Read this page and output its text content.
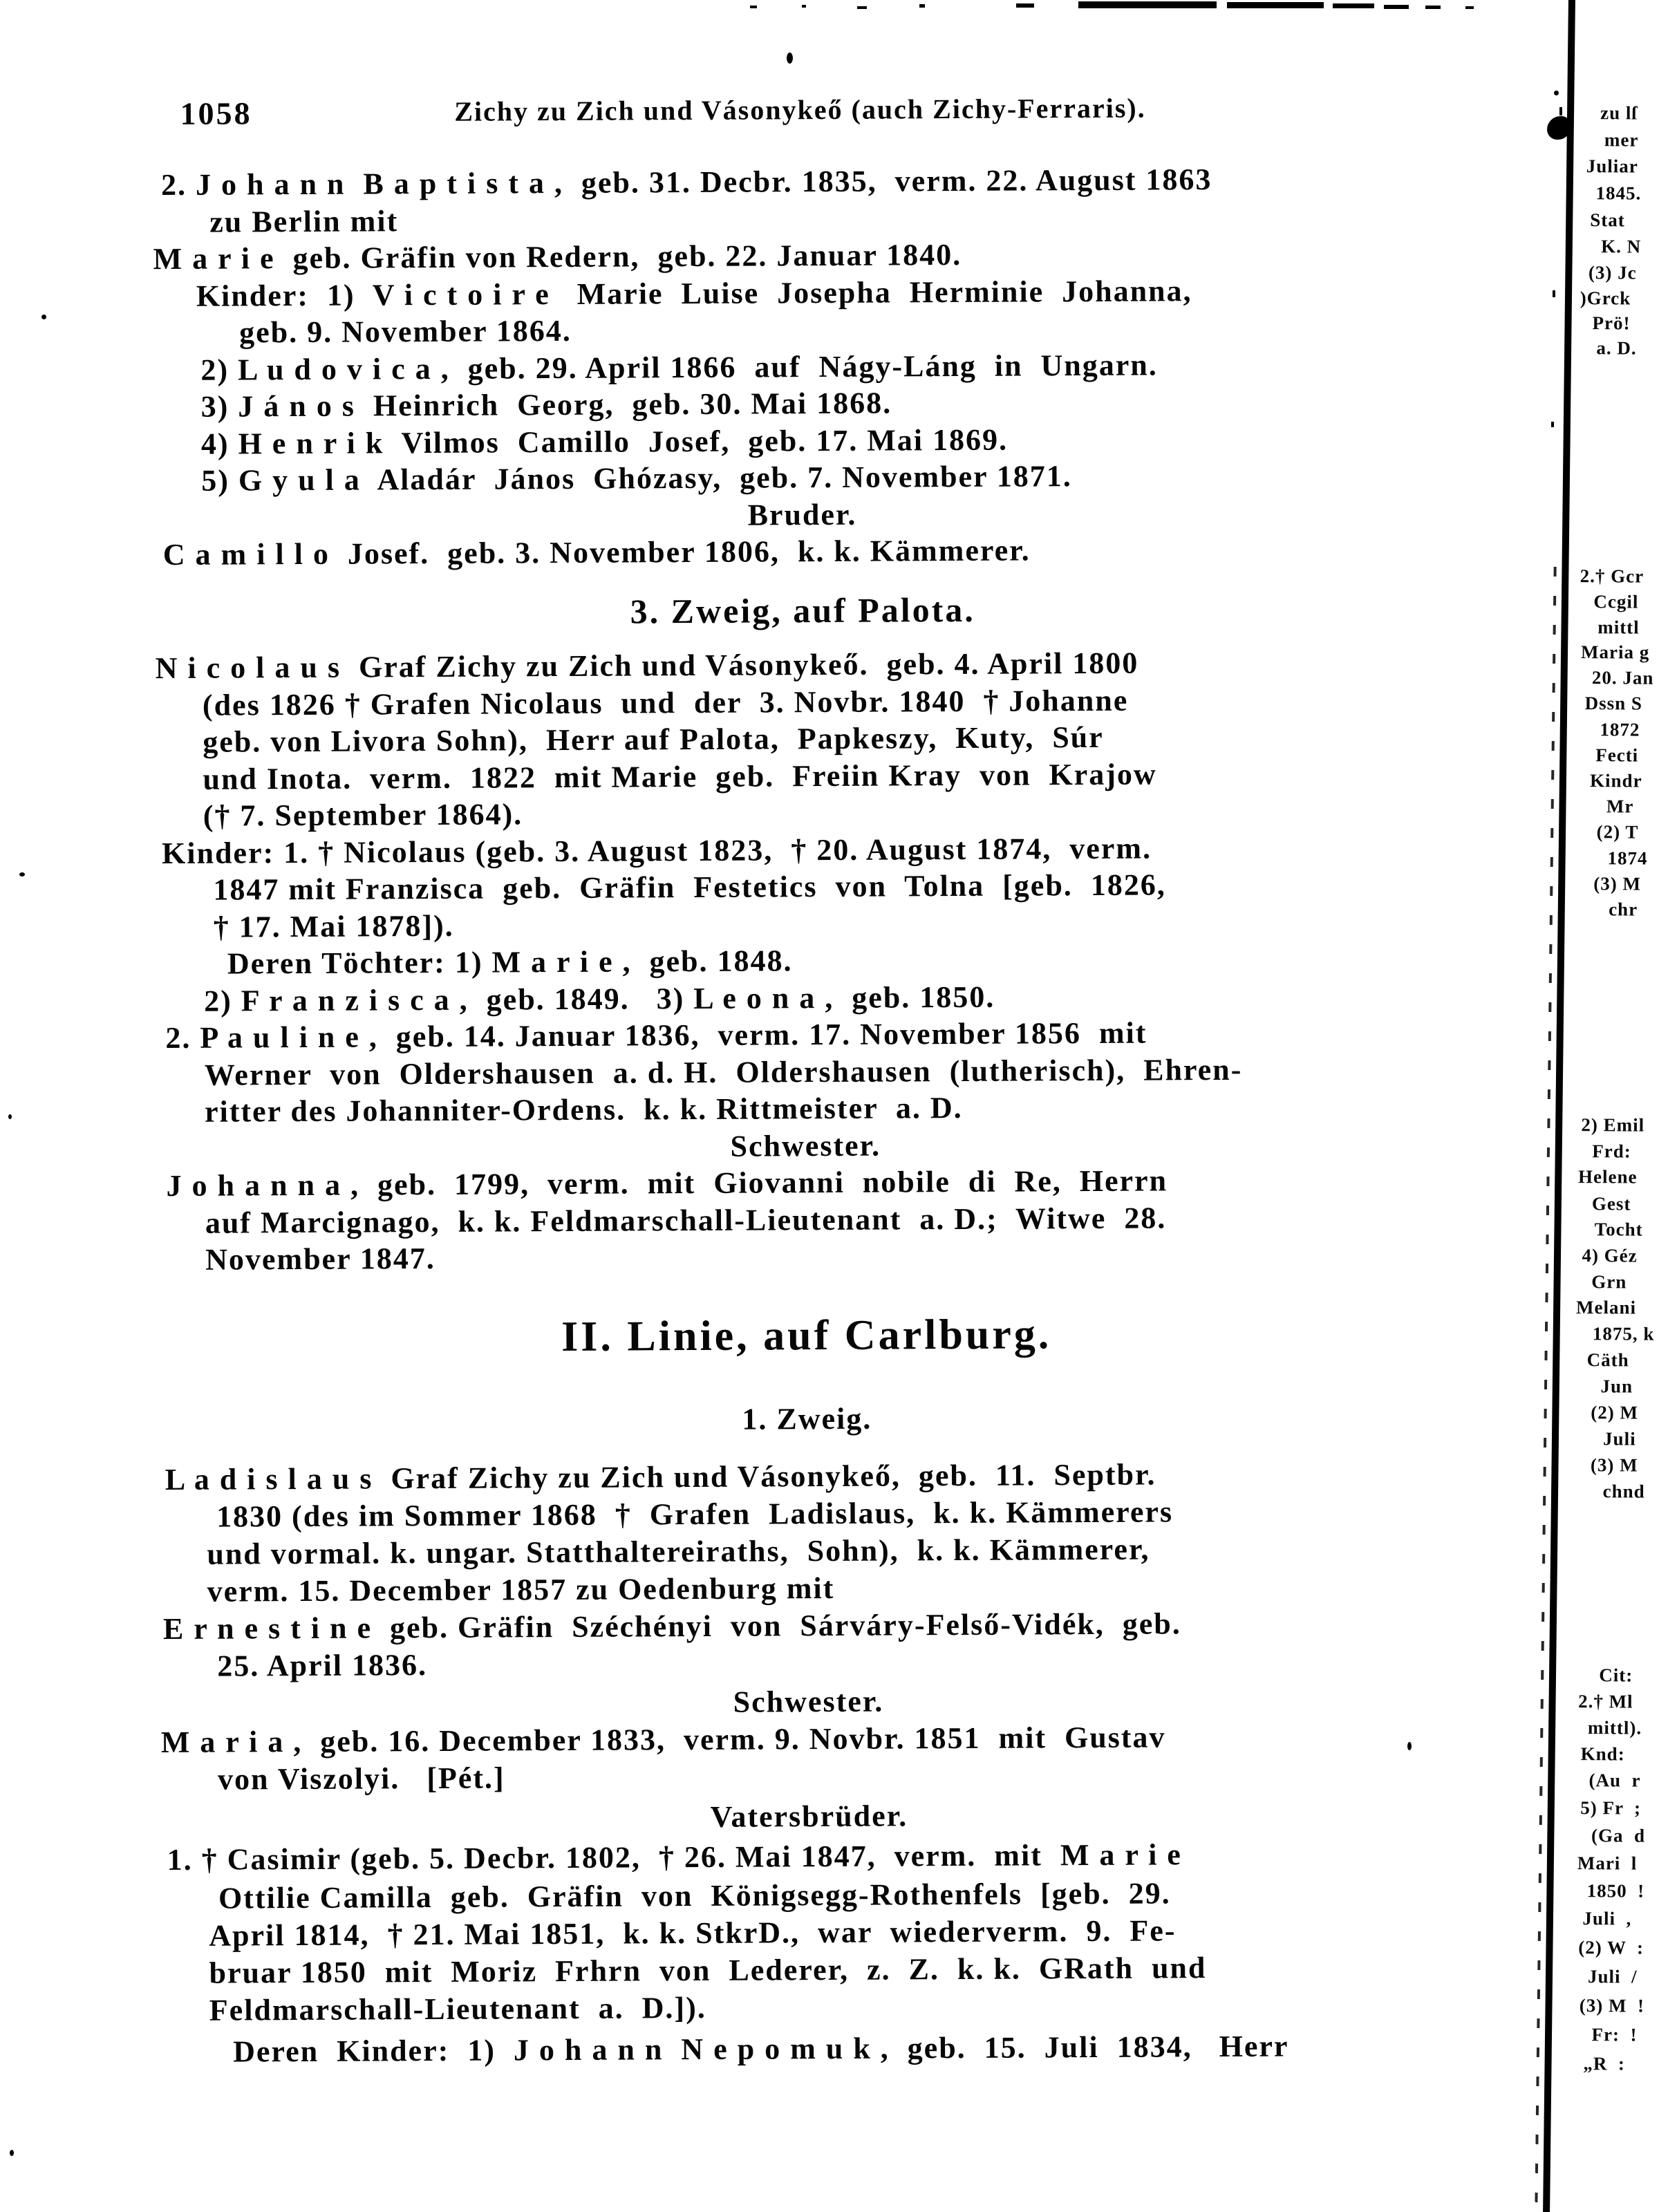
1058	Zichy zu Zich und Vásonykeő (auch Zichy-Ferraris).
2. J o h a n n  B a p t i s t a ,  geb. 31. Decbr. 1835,  verm. 22. August 1863
zu Berlin mit
M a r i e  geb. Gräfin von Redern,  geb. 22. Januar 1840.
Kinder:  1)  V i c t o i r e   Marie  Luise  Josepha  Herminie  Johanna,
geb. 9. November 1864.
2) L u d o v i c a ,  geb. 29. April 1866  auf  Nágy-Láng  in  Ungarn.
3) J á n o s  Heinrich  Georg,  geb. 30. Mai 1868.
4) H e n r i k  Vilmos  Camillo  Josef,  geb. 17. Mai 1869.
5) G y u l a  Aladár  János  Ghózasy,  geb. 7. November 1871.
Bruder.
C a m i l l o  Josef.  geb. 3. November 1806,  k. k. Kämmerer.
3. Zweig, auf Palota.
N i c o l a u s  Graf Zichy zu Zich und Vásonykeő.  geb. 4. April 1800
(des 1826 † Grafen Nicolaus  und  der  3. Novbr. 1840  † Johanne
geb. von Livora Sohn),  Herr auf Palota,  Papkeszy,  Kuty,  Súr
und Inota.  verm.  1822  mit Marie  geb.  Freiin Kray  von  Krajow
(† 7. September 1864).
Kinder: 1. † Nicolaus (geb. 3. August 1823,  † 20. August 1874,  verm.
1847 mit Franzisca  geb.  Gräfin  Festetics  von  Tolna  [geb.  1826,
† 17. Mai 1878]).
Deren Töchter: 1) M a r i e ,  geb. 1848.
2) F r a n z i s c a ,  geb. 1849.   3) L e o n a ,  geb. 1850.
2. P a u l i n e ,  geb. 14. Januar 1836,  verm. 17. November 1856  mit
Werner  von  Oldershausen  a. d. H.  Oldershausen  (lutherisch),  Ehren-
ritter des Johanniter-Ordens.  k. k. Rittmeister  a. D.
Schwester.
J o h a n n a ,  geb.  1799,  verm.  mit  Giovanni  nobile  di  Re,  Herrn
auf Marcignago,  k. k. Feldmarschall-Lieutenant  a. D.;  Witwe  28.
November 1847.
II. Linie, auf Carlburg.
1. Zweig.
L a d i s l a u s  Graf Zichy zu Zich und Vásonykeő,  geb.  11.  Septbr.
1830 (des im Sommer 1868  †  Grafen  Ladislaus,  k. k. Kämmerers
und vormal. k. ungar. Statthaltereiraths,  Sohn),  k. k. Kämmerer,
verm. 15. December 1857 zu Oedenburg mit
E r n e s t i n e  geb. Gräfin  Széchényi  von  Sárváry-Felső-Vidék,  geb.
25. April 1836.
Schwester.
M a r i a ,  geb. 16. December 1833,  verm. 9. Novbr. 1851  mit  Gustav
von Viszolyi.   [Pét.]
Vatersbrüder.
1. † Casimir (geb. 5. Decbr. 1802,  † 26. Mai 1847,  verm.  mit  M a r i e
Ottilie Camilla  geb.  Gräfin  von  Königsegg-Rothenfels  [geb.  29.
April 1814,  † 21. Mai 1851,  k. k. StkrD.,  war  wiederverm.  9.  Fe-
bruar 1850  mit  Moriz  Frhrn  von  Lederer,  z.  Z.  k. k.  GRath  und
Feldmarschall-Lieutenant  a.  D.]).
Deren  Kinder:  1)  J o h a n n  N e p o m u k ,  geb.  15.  Juli  1834,   Herr
zu lſ
mer
Juliar
1845.
Stat
K. N
(3) Jc
)Grck
Prö!
a. D.
2.† Gcr
Ccgil
mittl
Maria g
20. Jan
Dssn S
1872
Fecti
Kindr
Mr
(2) T
1874
(3) M
chr
2) Emil
Frd:
Helene
Gest
Tocht
4) Géz
Grn
Melani
1875, k
Cäth
Jun
(2) M
Juli
(3) M
chnd
Cit:
2.† Ml
mittl).
Knd:
(Au  r
5) Fr  ;
(Ga  d
Mari  l
1850  !
Juli  ,
(2) W  :
Juli  /
(3) M  !
Fr:  !
„R  :
